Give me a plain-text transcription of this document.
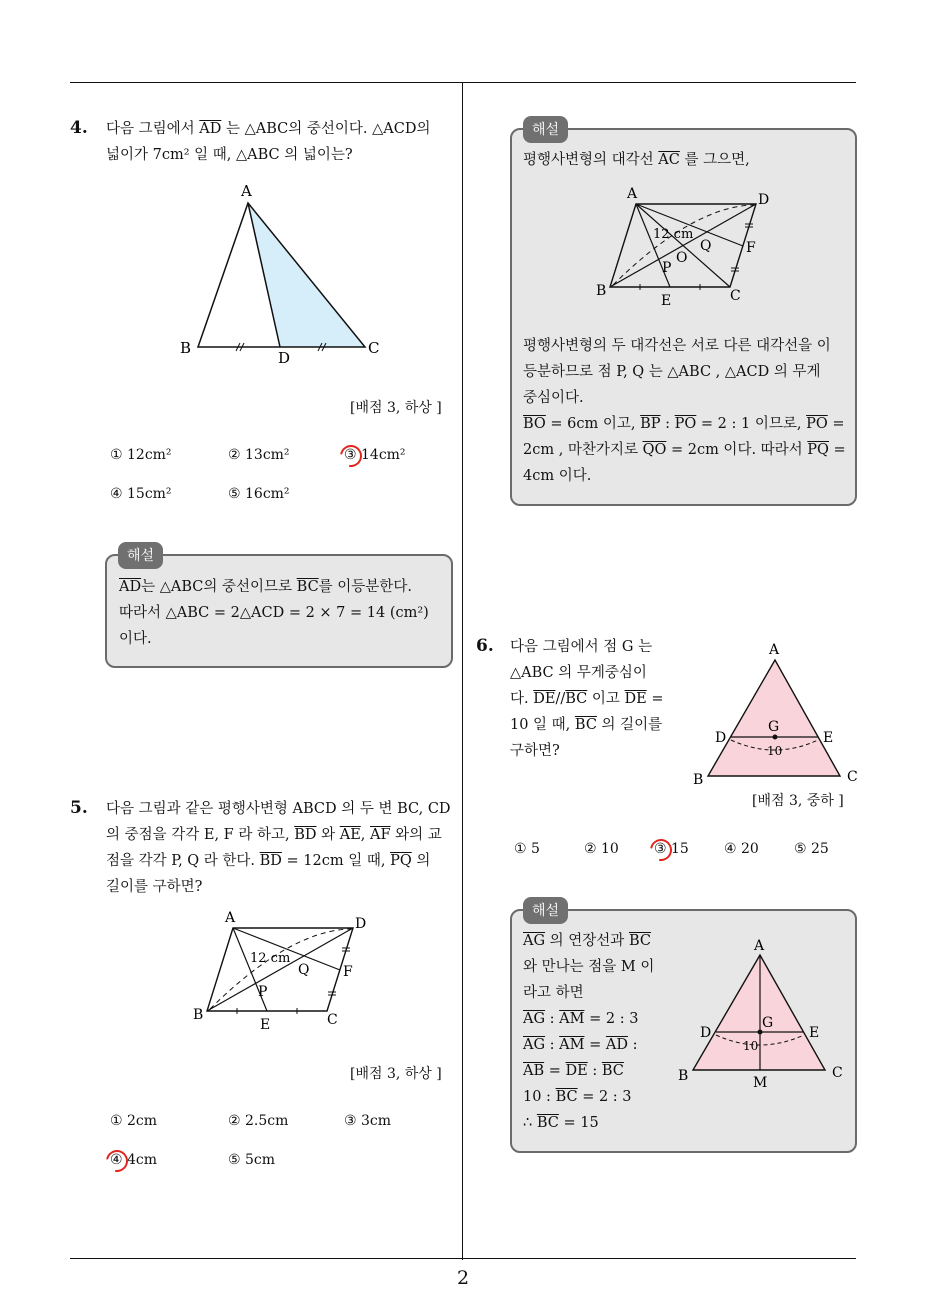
2
4. 다음 그림에서 $\overline{AD}$ 는 △ABC의 중선이다. △ACD의
넓이가 7cm² 일 때, △ABC 의 넓이는?
A
B	C
D
[배점 3, 하상 ]
① 12cm²	② 13cm²	③ 14cm²
④ 15cm²	⑤ 16cm²
해설
$\overline{AD}$는 △ABC의 중선이므로 $\overline{BC}$를 이등분한다.
따라서 △ABC = 2△ACD = 2 × 7 = 14 (cm²)
이다.
5. 다음 그림과 같은 평행사변형 ABCD 의 두 변 BC, CD
의 중점을 각각 E, F 라 하고, $\overline{BD}$ 와 $\overline{AE}$, $\overline{AF}$ 와의 교
점을 각각 P, Q 라 한다. $\overline{BD} = 12cm$ 일 때, $\overline{PQ}$ 의
길이를 구하면?
A	D
B	C
E
F
P
Q
12 cm
[배점 3, 하상 ]
① 2cm	② 2.5cm	③ 3cm
④ 4cm	⑤ 5cm
해설
평행사변형의 대각선 $\overline{AC}$ 를 그으면,
A	D
B	C
E
F
P
Q
O
12 cm
평행사변형의 두 대각선은 서로 다른 대각선을 이
등분하므로 점 P, Q 는 △ABC , △ACD 의 무게
중심이다.
$\overline{BO} = 6cm$ 이고, $\overline{BP}$ : $\overline{PO} = 2$ : 1 이므로, $\overline{PO}$ =
2cm , 마찬가지로 $\overline{QO} = 2cm$ 이다. 따라서 $\overline{PQ}$ =
4cm 이다.
6. 다음 그림에서 점 G 는
△ABC 의 무게중심이
다. $\overline{DE}//\overline{BC}$ 이고 $\overline{DE}$ =
10 일 때, $\overline{BC}$ 의 길이를
구하면?
A
B	C
D	E
G
10
[배점 3, 중하 ]
① 5	② 10	③ 15	④ 20	⑤ 25
해설
$\overline{AG}$ 의 연장선과 $\overline{BC}$
와 만나는 점을 M 이
라고 하면
$\overline{AG}$ : $\overline{AM} = 2$ : 3
$\overline{AG}$ : $\overline{AM} = \overline{AD}$ :
$\overline{AB} = \overline{DE}$ : $\overline{BC}$
10 : $\overline{BC} = 2$ : 3
∴ $\overline{BC} = 15$
A
B	C
D	E
G
M
10
